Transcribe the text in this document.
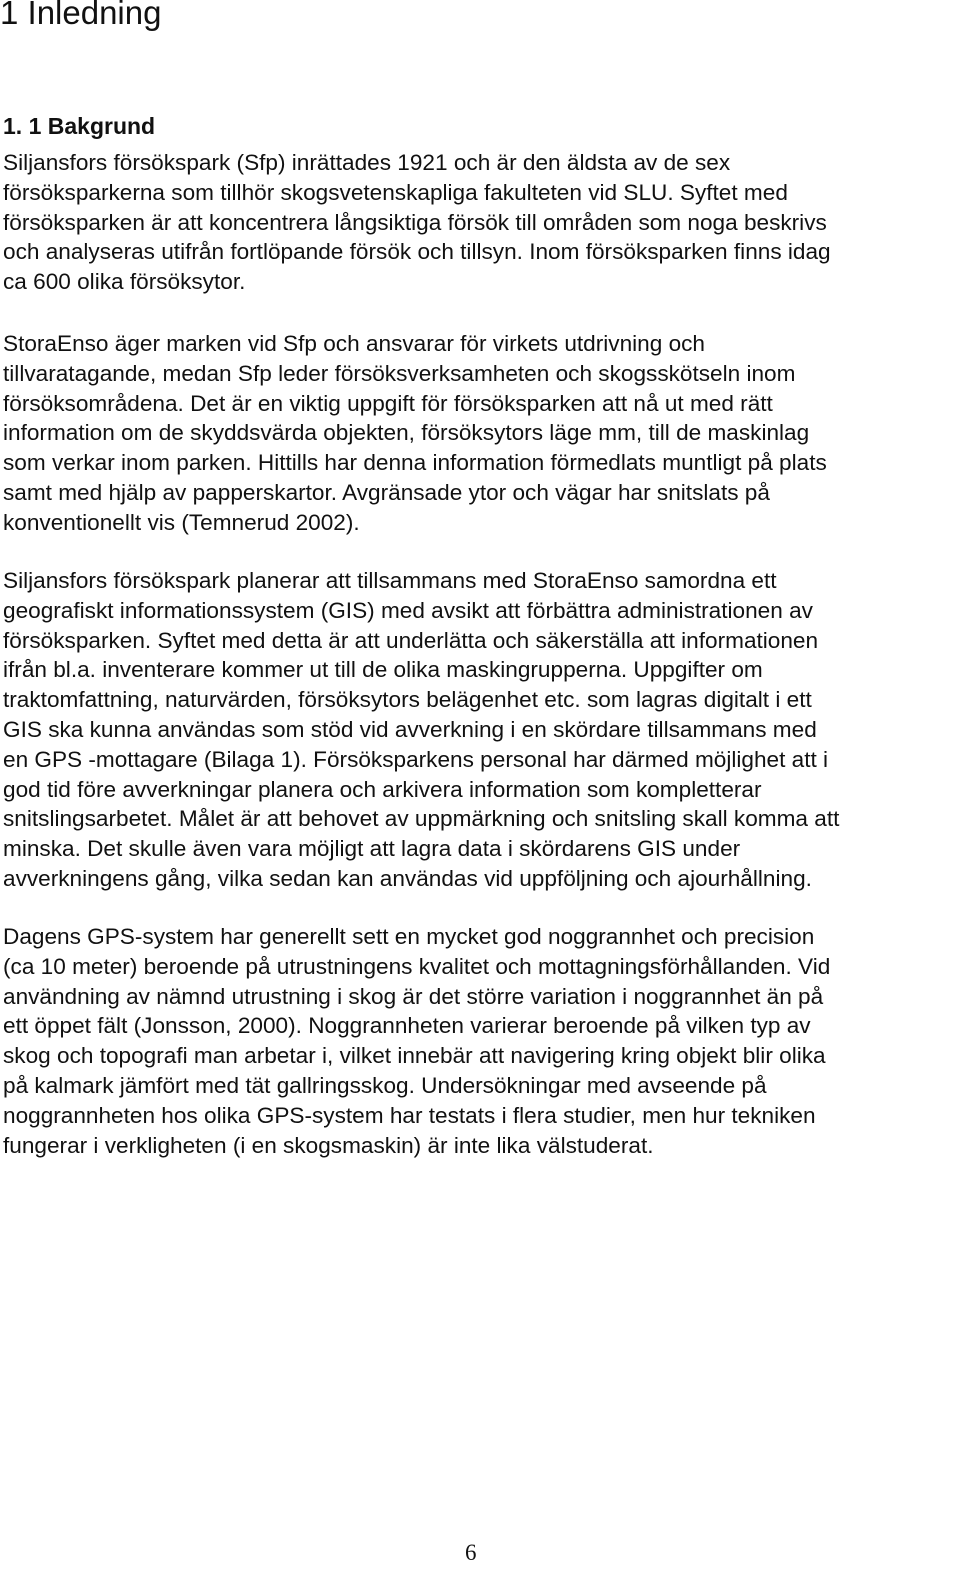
1 Inledning
1. 1 Bakgrund
Siljansfors försökspark (Sfp) inrättades 1921 och är den äldsta av de sex
försöksparkerna som tillhör skogsvetenskapliga fakulteten vid SLU. Syftet med
försöksparken är att koncentrera långsiktiga försök till områden som noga beskrivs
och analyseras utifrån fortlöpande försök och tillsyn. Inom försöksparken finns idag
ca 600 olika försöksytor.
StoraEnso äger marken vid Sfp och ansvarar för virkets utdrivning och
tillvaratagande, medan Sfp leder försöksverksamheten och skogsskötseln inom
försöksområdena. Det är en viktig uppgift för försöksparken att nå ut med rätt
information om de skyddsvärda objekten, försöksytors läge mm, till de maskinlag
som verkar inom parken. Hittills har denna information förmedlats muntligt på plats
samt med hjälp av papperskartor. Avgränsade ytor och vägar har snitslats på
konventionellt vis (Temnerud 2002).
Siljansfors försökspark planerar att tillsammans med StoraEnso samordna ett
geografiskt informationssystem (GIS) med avsikt att förbättra administrationen av
försöksparken. Syftet med detta är att underlätta och säkerställa att informationen
ifrån bl.a. inventerare kommer ut till de olika maskingrupperna. Uppgifter om
traktomfattning, naturvärden, försöksytors belägenhet etc. som lagras digitalt i ett
GIS ska kunna användas som stöd vid avverkning i en skördare tillsammans med
en GPS -mottagare (Bilaga 1). Försöksparkens personal har därmed möjlighet att i
god tid före avverkningar planera och arkivera information som kompletterar
snitslingsarbetet. Målet är att behovet av uppmärkning och snitsling skall komma att
minska. Det skulle även vara möjligt att lagra data i skördarens GIS under
avverkningens gång, vilka sedan kan användas vid uppföljning och ajourhållning.
Dagens GPS-system har generellt sett en mycket god noggrannhet och precision
(ca 10 meter) beroende på utrustningens kvalitet och mottagningsförhållanden. Vid
användning av nämnd utrustning i skog är det större variation i noggrannhet än på
ett öppet fält (Jonsson, 2000). Noggrannheten varierar beroende på vilken typ av
skog och topografi man arbetar i, vilket innebär att navigering kring objekt blir olika
på kalmark jämfört med tät gallringsskog. Undersökningar med avseende på
noggrannheten hos olika GPS-system har testats i flera studier, men hur tekniken
fungerar i verkligheten (i en skogsmaskin) är inte lika välstuderat.
6
